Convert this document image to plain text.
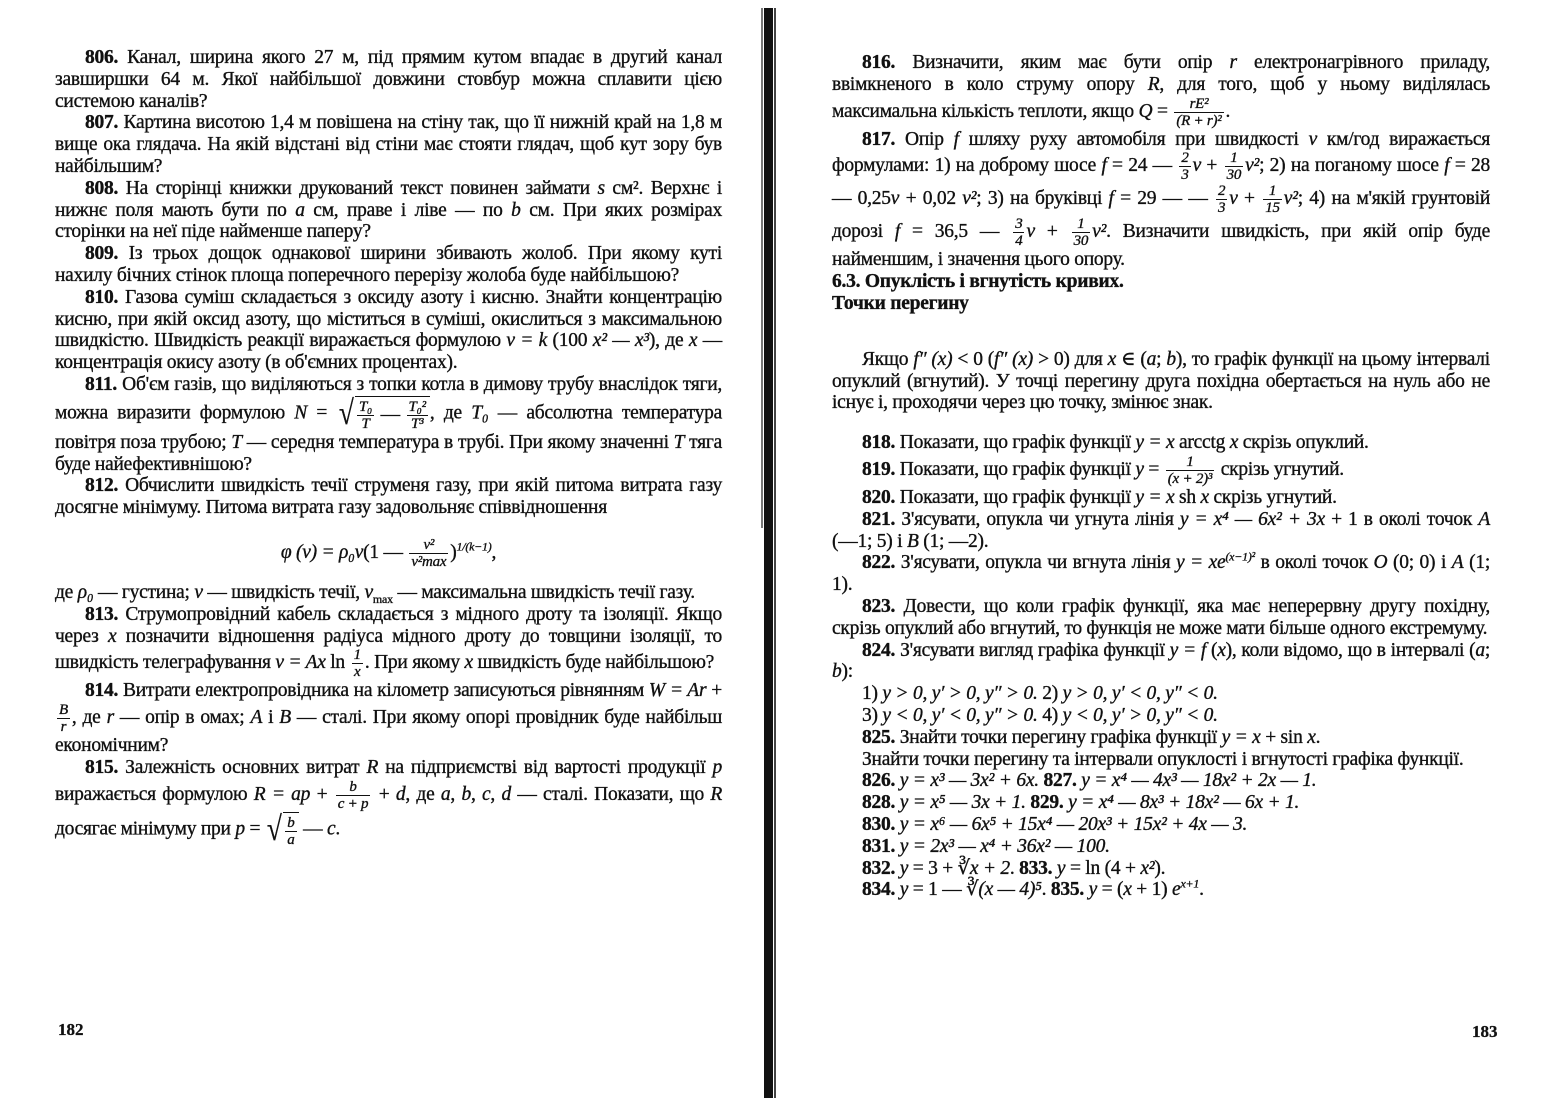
806. Канал, ширина якого 27 м, під прямим кутом впадає в другий канал завширшки 64 м. Якої найбільшої довжини стовбур можна сплавити цією системою каналів?

807. Картина висотою 1,4 м повішена на стіну так, що її нижній край на 1,8 м вище ока глядача. На якій відстані від стіни має стояти глядач, щоб кут зору був найбільшим?

808. На сторінці книжки друкований текст повинен займати s см². Верхнє і нижнє поля мають бути по a см, праве і ліве — по b см. При яких розмірах сторінки на неї піде найменше паперу?

809. Із трьох дощок однакової ширини збивають жолоб. При якому куті нахилу бічних стінок площа поперечного перерізу жолоба буде найбільшою?

810. Газова суміш складається з оксиду азоту і кисню. Знайти концентрацію кисню, при якій оксид азоту, що міститься в суміші, окислиться з максимальною швидкістю. Швидкість реакції виражається формулою v = k (100 x² — x³), де x — концентрація окису азоту (в об'ємних процентах).

811. Об'єм газів, що виділяються з топки котла в димову трубу внаслідок тяги, можна виразити формулою N = √ $\frac{\text{T₀}}{T}$ — $\frac{\text{T₀²}}{\text{T³}}$ , де T₀ — абсолютна температура повітря поза трубою; T — середня температура в трубі. При якому значенні T тяга буде найефективнішою?

812. Обчислити швидкість течії струменя газу, при якій питома витрата газу досягне мінімуму. Питома витрата газу задовольняє співвідношення

φ (v) = ρ₀v(1 — $\frac{\text{v²}}{\text{v²max}} )^{1/(k-1)}$,

де ρ₀ — густина; v — швидкість течії, $v_{max}$ — максимальна швидкість течії газу.

813. Струмопровідний кабель складається з мідного дроту та ізоляції. Якщо через x позначити відношення радіуса мідного дроту до товщини ізоляції, то швидкість телеграфування v = Ax $\ln \frac{1}{x}$ . При якому x швидкість буде найбільшою?

814. Витрати електропровідника на кілометр записуються рівнянням W = Ar +
$\frac{B}{r}$ , де r — опір в омах; A і B — сталі. При якому опорі провідник буде найбільш економічним?

815. Залежність основних витрат R на підприємстві від вартості продукції p виражається формулою R = ap + $\frac{b}{c + p} + d$, де a, b, c, d — сталі. Показати, що R досягає мінімуму при p = √ $\frac{b}{a}$ — c.

182

816. Визначити, яким має бути опір r електронагрівного приладу, ввімкненого в коло струму опору R, для того, щоб у ньому виділялась максимальна кількість теплоти, якщо $Q = \frac{\text{rE²}}{\text{(R + r)²}}$ .

817. Опір f шляху руху автомобіля при швидкості v км/год виражається формулами: 1) на доброму шосе f = 24 — $\frac{2}{3}$ $v + \frac{1}{30} v^2$; 2) на поганому шосе f = 28 — 0,25v + 0,02 v²; 3) на бруківці f = 29 — — $\frac{2}{3}$ $v + \frac{1}{15} v^2$; 4) на м'якій грунтовій дорозі f = 36,5 — $\frac{3}{4}$ $v + \frac{1}{30} v^2$. Визначити швидкість, при якій опір буде найменшим, і значення цього опору.

6.3. Опуклість і вгнутість кривих.

Точки перегину

Якщо f″ (x) < 0 (f″ (x) > 0) для x ∈ (a; b), то графік функції на цьому інтервалі опуклий (вгнутий). У точці перегину друга похідна обертається на нуль або не існує і, проходячи через цю точку, змінює знак.

818. Показати, що графік функції y = x arcctg x скрізь опуклий.

819. Показати, що графік функції $y = \frac{1}{\text{(x + 2)³}}$ скрізь угнутий.

820. Показати, що графік функції y = x sh x скрізь угнутий.

821. З'ясувати, опукла чи угнута лінія y = x⁴ — 6x² + 3x + 1 в околі точок A (—1; 5) і B (1; —2).

822. З'ясувати, опукла чи вгнута лінія $y = xe^{(x-1)^2}$ в околі точок O (0; 0) і A (1; 1).

823. Довести, що коли графік функції, яка має неперервну другу похідну, скрізь опуклий або вгнутий, то функція не може мати більше одного екстремуму.

824. З'ясувати вигляд графіка функції y = f (x), коли відомо, що в інтервалі (a; b):

1) y > 0, y′ > 0, y″ > 0. 2) y > 0, y′ < 0, y″ < 0.

3) y < 0, y′ < 0, y″ > 0. 4) y < 0, y′ > 0, y″ < 0.

825. Знайти точки перегину графіка функції y = x + sin x.

Знайти точки перегину та інтервали опуклості і вгнутості графіка функції.

826. y = x³ — 3x² + 6x. 827. y = x⁴ — 4x³ — 18x² + 2x — 1.

828. y = x⁵ — 3x + 1. 829. y = x⁴ — 8x³ + 18x² — 6x + 1.

830. y = x⁶ — 6x⁵ + 15x⁴ — 20x³ + 15x² + 4x — 3.

831. y = 2x³ — x⁴ + 36x² — 100.

832. y = 3 + ∛x + 2. 833. y = ln (4 + x²).

834. y = 1 — ∛(x — 4)⁵. 835. y = (x + 1) $e^{x+1}$.

183
